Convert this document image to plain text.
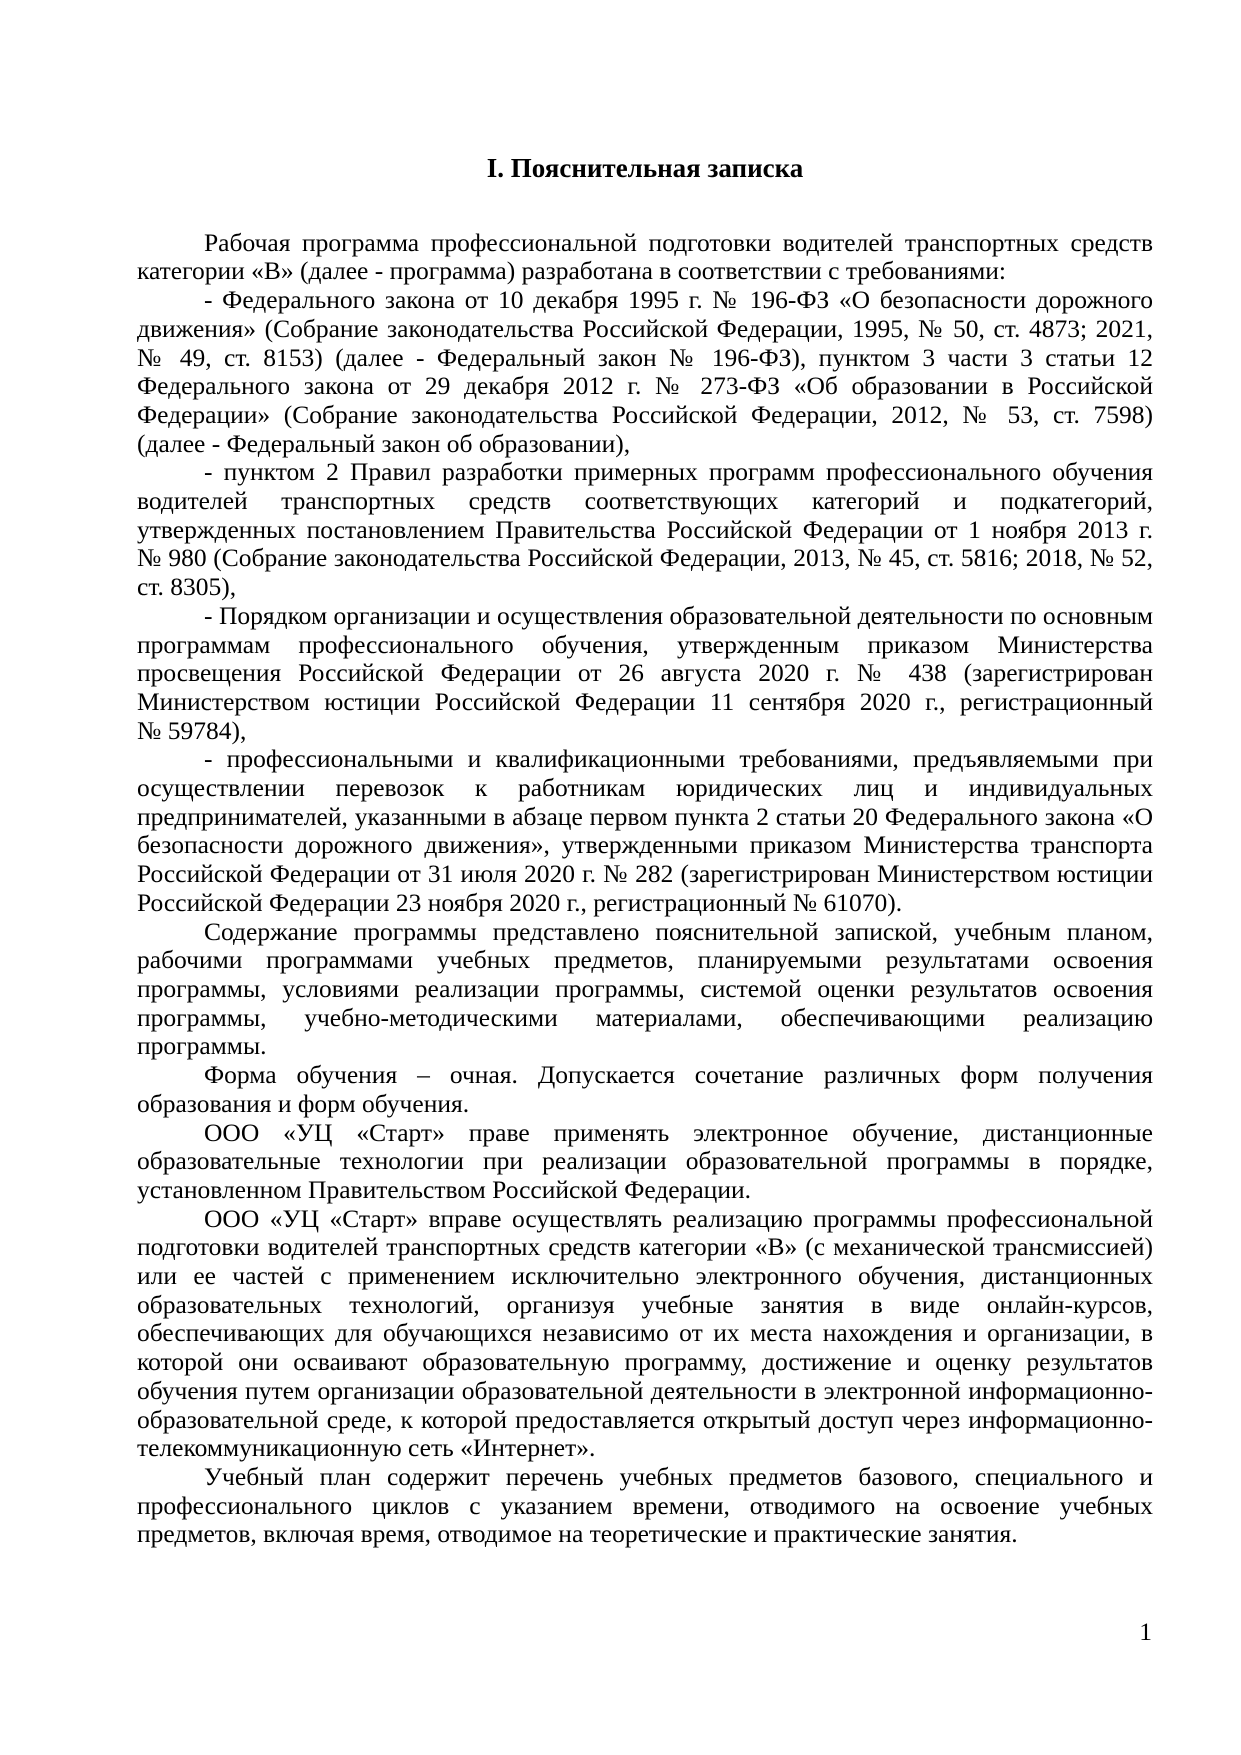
I. Пояснительная записка

Рабочая программа профессиональной подготовки водителей транспортных средств категории «В» (далее - программа) разработана в соответствии с требованиями:

- Федерального закона от 10 декабря 1995 г. № 196-ФЗ «О безопасности дорожного движения» (Собрание законодательства Российской Федерации, 1995, № 50, ст. 4873; 2021, № 49, ст. 8153) (далее - Федеральный закон № 196-ФЗ), пунктом 3 части 3 статьи 12 Федерального закона от 29 декабря 2012 г. № 273-ФЗ «Об образовании в Российской Федерации» (Собрание законодательства Российской Федерации, 2012, № 53, ст. 7598) (далее - Федеральный закон об образовании),

- пунктом 2 Правил разработки примерных программ профессионального обучения водителей транспортных средств соответствующих категорий и подкатегорий, утвержденных постановлением Правительства Российской Федерации от 1 ноября 2013 г. № 980 (Собрание законодательства Российской Федерации, 2013, № 45, ст. 5816; 2018, № 52, ст. 8305),

- Порядком организации и осуществления образовательной деятельности по основным программам профессионального обучения, утвержденным приказом Министерства просвещения Российской Федерации от 26 августа 2020 г. № 438 (зарегистрирован Министерством юстиции Российской Федерации 11 сентября 2020 г., регистрационный № 59784),

- профессиональными и квалификационными требованиями, предъявляемыми при осуществлении перевозок к работникам юридических лиц и индивидуальных предпринимателей, указанными в абзаце первом пункта 2 статьи 20 Федерального закона «О безопасности дорожного движения», утвержденными приказом Министерства транспорта Российской Федерации от 31 июля 2020 г. № 282 (зарегистрирован Министерством юстиции Российской Федерации 23 ноября 2020 г., регистрационный № 61070).

Содержание программы представлено пояснительной запиской, учебным планом, рабочими программами учебных предметов, планируемыми результатами освоения программы, условиями реализации программы, системой оценки результатов освоения программы, учебно-методическими материалами, обеспечивающими реализацию программы.

Форма обучения – очная. Допускается сочетание различных форм получения образования и форм обучения.

ООО «УЦ «Старт» праве применять электронное обучение, дистанционные образовательные технологии при реализации образовательной программы в порядке, установленном Правительством Российской Федерации.

ООО «УЦ «Старт» вправе осуществлять реализацию программы профессиональной подготовки водителей транспортных средств категории «В» (с механической трансмиссией) или ее частей с применением исключительно электронного обучения, дистанционных образовательных технологий, организуя учебные занятия в виде онлайн-курсов, обеспечивающих для обучающихся независимо от их места нахождения и организации, в которой они осваивают образовательную программу, достижение и оценку результатов обучения путем организации образовательной деятельности в электронной информационно-образовательной среде, к которой предоставляется открытый доступ через информационно-телекоммуникационную сеть «Интернет».

Учебный план содержит перечень учебных предметов базового, специального и профессионального циклов с указанием времени, отводимого на освоение учебных предметов, включая время, отводимое на теоретические и практические занятия.

1
